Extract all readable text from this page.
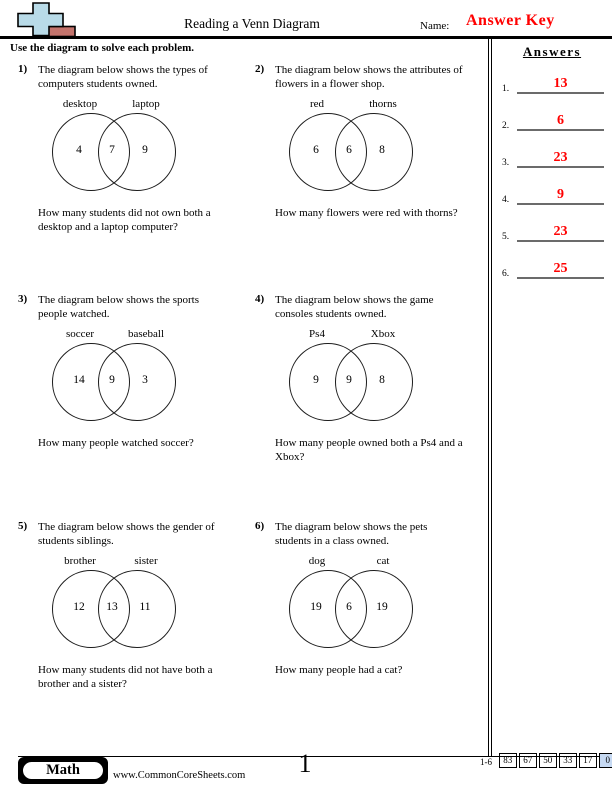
Reading a Venn Diagram	Name: Answer Key
Use the diagram to solve each problem.	Answers
1.	13
2.	6
3.	23
4.	9
5.	23
6.	25
1) The diagram below shows the types of computers students owned.
desktop	laptop
4 7 9
How many students did not own both a desktop and a laptop computer?
2) The diagram below shows the attributes of flowers in a flower shop.
red	thorns
6 6 8
How many flowers were red with thorns?
3) The diagram below shows the sports people watched.
soccer	baseball
14 9 3
How many people watched soccer?
4) The diagram below shows the game consoles students owned.
Ps4	Xbox
9 9 8
How many people owned both a Ps4 and a Xbox?
5) The diagram below shows the gender of students siblings.
brother	sister
12 13 11
How many students did not have both a brother and a sister?
6) The diagram below shows the pets students in a class owned.
dog	cat
19 6 19
How many people had a cat?
Math	www.CommonCoreSheets.com 1	1-6	83	67	50	33	17	0
